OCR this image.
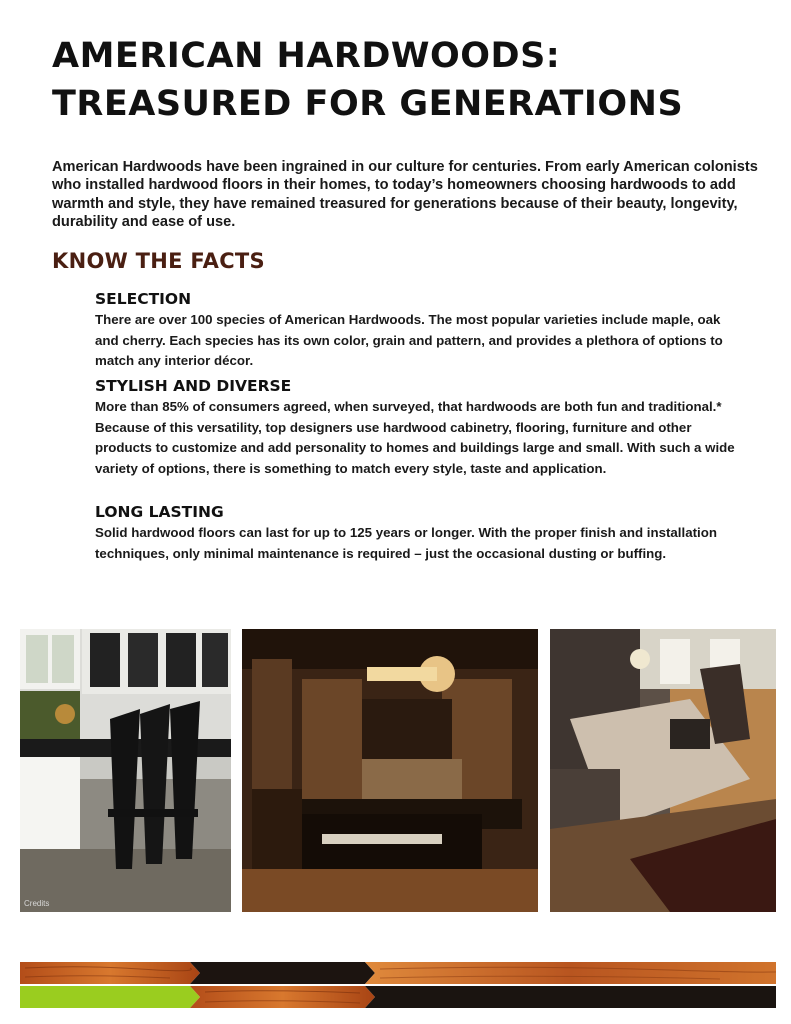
AMERICAN HARDWOODS:
TREASURED FOR GENERATIONS
American Hardwoods have been ingrained in our culture for centuries. From early American colonists who installed hardwood floors in their homes, to today’s homeowners choosing hardwoods to add warmth and style, they have remained treasured for generations because of their beauty, longevity, durability and ease of use.
KNOW THE FACTS
SELECTION

There are over 100 species of American Hardwoods. The most popular varieties include maple, oak and cherry. Each species has its own color, grain and pattern, and provides a plethora of options to match any interior décor.

STYLISH AND DIVERSE

More than 85% of consumers agreed, when surveyed, that hardwoods are both fun and traditional.* Because of this versatility, top designers use hardwood cabinetry, flooring, furniture and other products to customize and add personality to homes and buildings large and small. With such a wide variety of options, there is something to match every style, taste and application.

LONG LASTING

Solid hardwood floors can last for up to 125 years or longer. With the proper finish and installation techniques, only minimal maintenance is required – just the occasional dusting or buffing.

Credits
